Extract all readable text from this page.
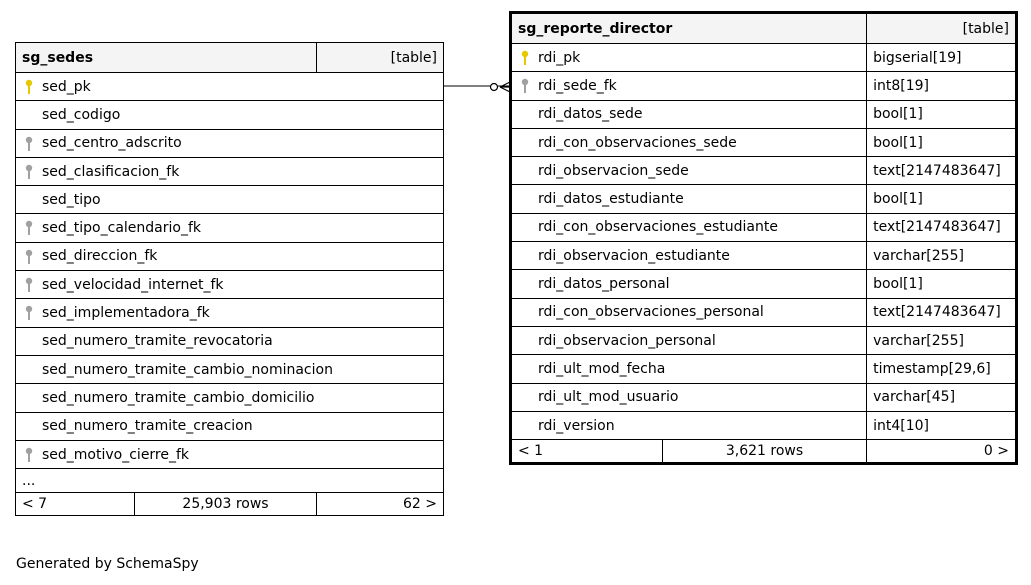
sg_sedes		[table]

sed_pk		
sed_codigo		

sed_centro_adscrito		

sed_clasificacion_fk		
sed_tipo		

sed_tipo_calendario_fk		

sed_direccion_fk		

sed_velocidad_internet_fk		

sed_implementadora_fk		
sed_numero_tramite_revocatoria		
sed_numero_tramite_cambio_nominacion		
sed_numero_tramite_cambio_domicilio		
sed_numero_tramite_creacion		

sed_motivo_cierre_fk		
...		
< 7	25,903 rows	62 >
sg_reporte_director		[table]

rdi_pk		bigserial[19]

rdi_sede_fk		int8[19]
rdi_datos_sede		bool[1]
rdi_con_observaciones_sede		bool[1]
rdi_observacion_sede		text[2147483647]
rdi_datos_estudiante		bool[1]
rdi_con_observaciones_estudiante		text[2147483647]
rdi_observacion_estudiante		varchar[255]
rdi_datos_personal		bool[1]
rdi_con_observaciones_personal		text[2147483647]
rdi_observacion_personal		varchar[255]
rdi_ult_mod_fecha		timestamp[29,6]
rdi_ult_mod_usuario		varchar[45]
rdi_version		int4[10]
< 1	3,621 rows	0 >
Generated by SchemaSpy
